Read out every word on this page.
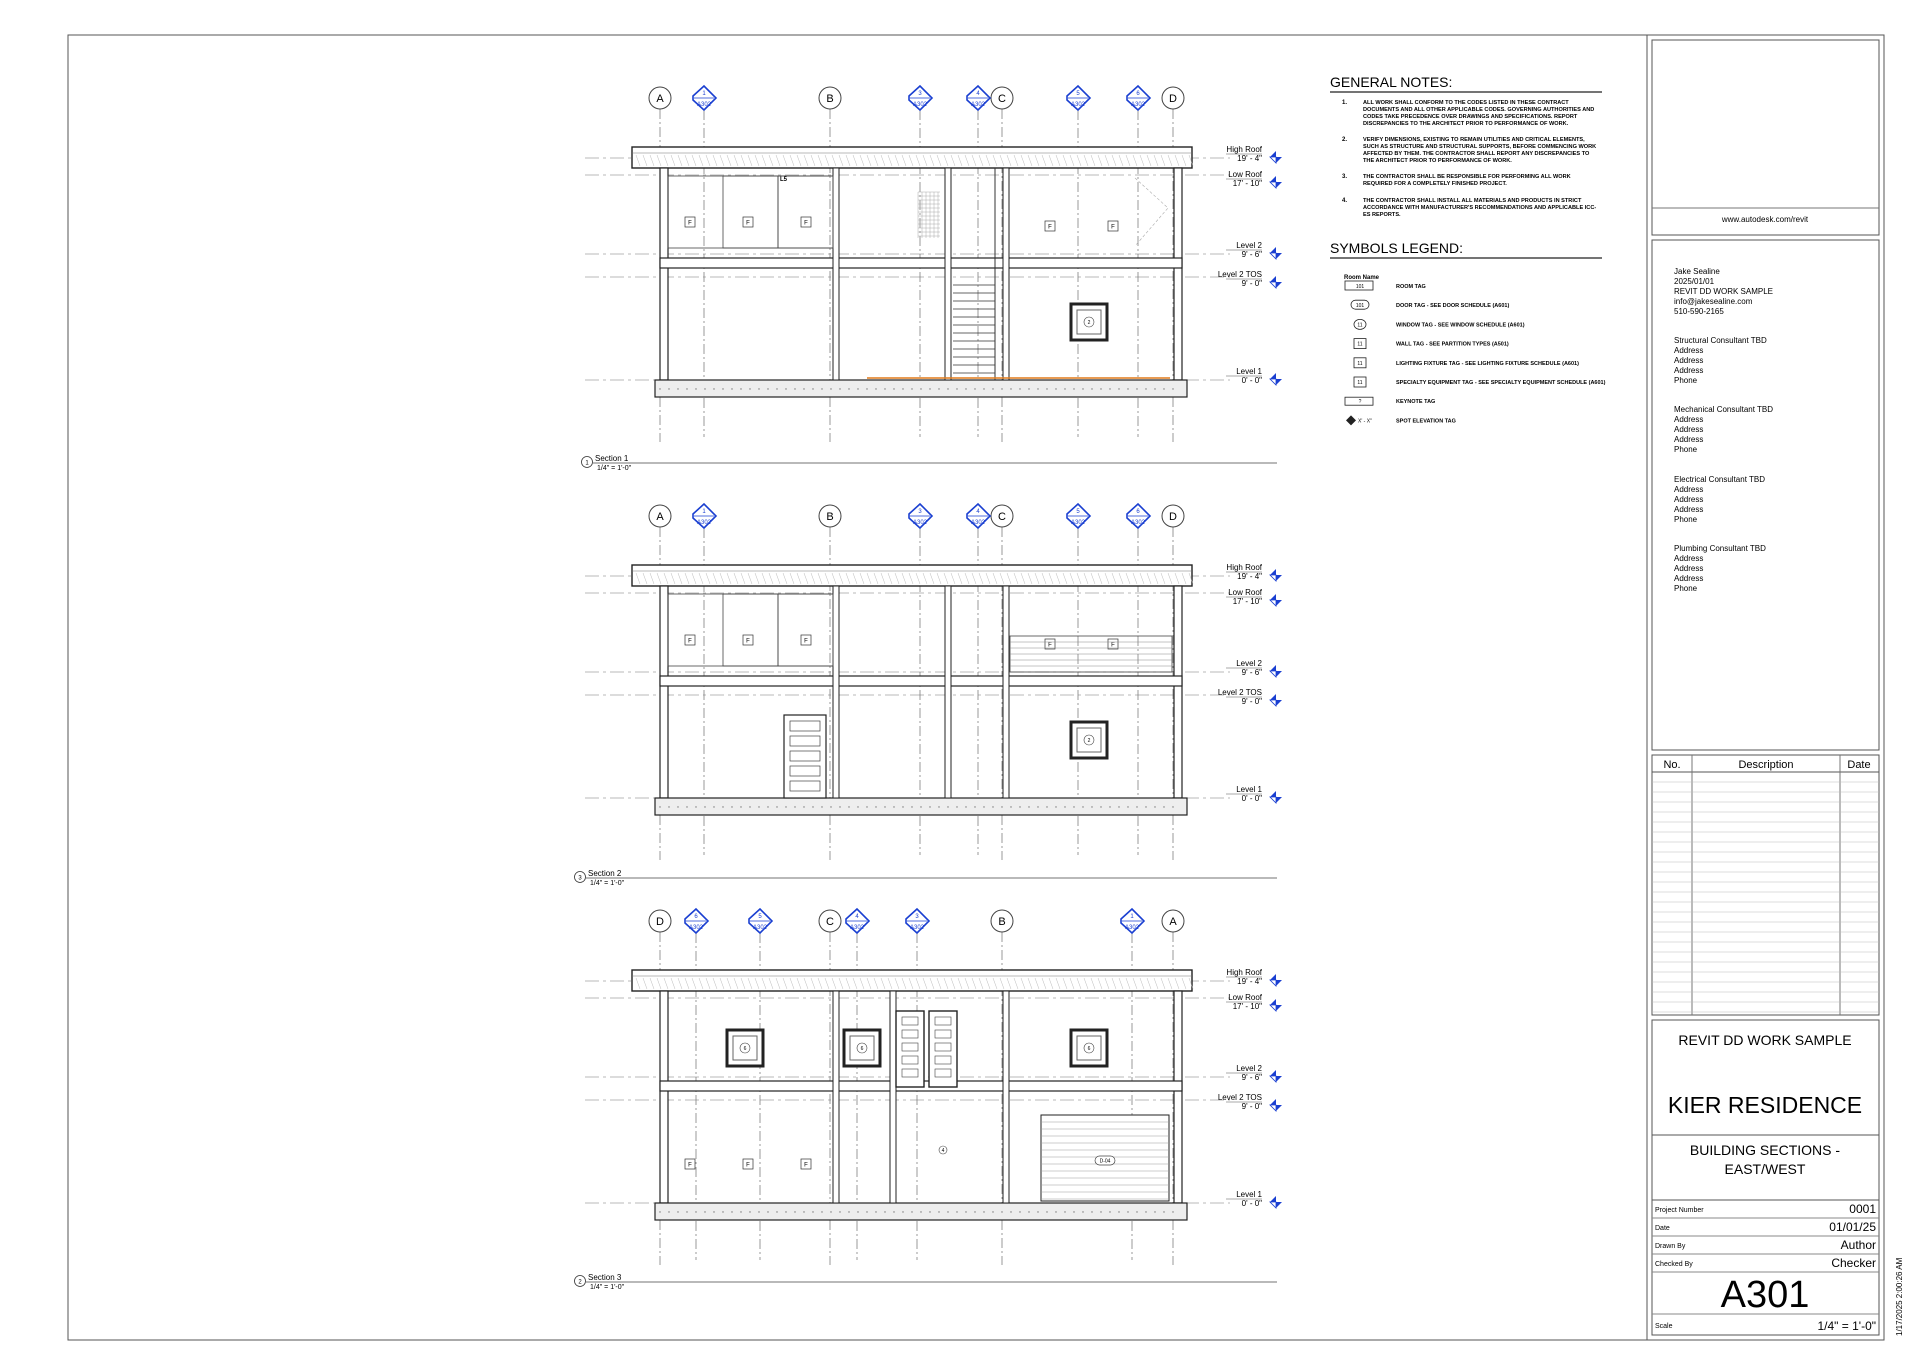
www.autodesk.com/revit
Jake Sealine
2025/01/01
REVIT DD WORK SAMPLE
info@jakesealine.com
510-590-2165
Structural Consultant TBD
Address
Address
Address
Phone
Mechanical Consultant TBD
Address
Address
Address
Phone
Electrical Consultant TBD
Address
Address
Address
Phone
Plumbing Consultant TBD
Address
Address
Address
Phone
No.	Description	Date
REVIT DD WORK SAMPLE
KIER RESIDENCE
BUILDING SECTIONS -
EAST/WEST
Project Number	0001
Date	01/01/25
Drawn By	Author
Checked By	Checker
A301
Scale	1/4" = 1'-0" 1/17/2025 2:00:26 AM
GENERAL NOTES:
1.	ALL WORK SHALL CONFORM TO THE CODES LISTED IN THESE CONTRACT
DOCUMENTS AND ALL OTHER APPLICABLE CODES. GOVERNING AUTHORITIES AND
CODES TAKE PRECEDENCE OVER DRAWINGS AND SPECIFICATIONS. REPORT
DISCREPANCIES TO THE ARCHITECT PRIOR TO PERFORMANCE OF WORK.
2.	VERIFY DIMENSIONS, EXISTING TO REMAIN UTILITIES AND CRITICAL ELEMENTS,
SUCH AS STRUCTURE AND STRUCTURAL SUPPORTS, BEFORE COMMENCING WORK
AFFECTED BY THEM. THE CONTRACTOR SHALL REPORT ANY DISCREPANCIES TO
THE ARCHITECT PRIOR TO PERFORMANCE OF WORK.
3.	THE CONTRACTOR SHALL BE RESPONSIBLE FOR PERFORMING ALL WORK
REQUIRED FOR A COMPLETELY FINISHED PROJECT.
4.	THE CONTRACTOR SHALL INSTALL ALL MATERIALS AND PRODUCTS IN STRICT
ACCORDANCE WITH MANUFACTURER'S RECOMMENDATIONS AND APPLICABLE ICC-
ES REPORTS.
SYMBOLS LEGEND:
Room Name
101	ROOM TAG
101	DOOR TAG - SEE DOOR SCHEDULE (A601)
11	WINDOW TAG - SEE WINDOW SCHEDULE (A601)
11	WALL TAG - SEE PARTITION TYPES (A501)
11	LIGHTING FIXTURE TAG - SEE LIGHTING FIXTURE SCHEDULE (A601)
11	SPECIALTY EQUIPMENT TAG - SEE SPECIALTY EQUIPMENT SCHEDULE (A601)
?	KEYNOTE TAG
X' - X"	SPOT ELEVATION TAG
A	B	C	D
1
A302
3
A302
4
A302
5
A302
6
A302
High Roof
19' - 4"
Low Roof
17' - 10"
Level 2
9' - 6"
Level 2 TOS
9' - 0"
Level 1
0' - 0"
F	F	F
F	F
2
L5
1
Section 1
1/4" = 1'-0"
A	B	C	D
1
A302
3
A302
4
A302
5
A302
6
A302
High Roof
19' - 4"
Low Roof
17' - 10"
Level 2
9' - 6"
Level 2 TOS
9' - 0"
Level 1
0' - 0"
F	F	F
F	F
2
3
Section 2
1/4" = 1'-0"
D	C	B	A
6
A302
5
A302
4
A302
3
A302
1
A302
High Roof
19' - 4"
Low Roof
17' - 10"
Level 2
9' - 6"
Level 2 TOS
9' - 0"
Level 1
0' - 0"
F	F	F
6	6	6
D-04
4
2
Section 3
1/4" = 1'-0"
